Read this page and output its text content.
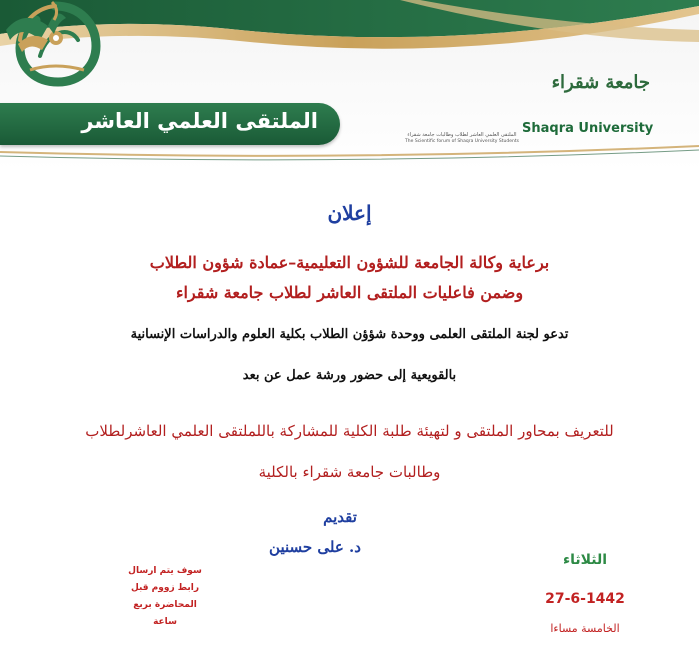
الملتقى العلمي العاشر
الملتقى العلمي العاشر لطلاب وطالبات جامعة شقراء
The Scientific forum of Shaqra University Students
جامعة شقراء
Shaqra University
إعلان
برعاية وكالة الجامعة للشؤون التعليمية–عمادة شؤون الطلاب
وضمن فاعليات الملتقى العاشر لطلاب جامعة شقراء
تدعو لجنة الملتقى العلمى ووحدة شؤؤن الطلاب بكلية العلوم والدراسات الإنسانية
بالقويعية إلى حضور ورشة عمل عن بعد
للتعريف بمحاور الملتقى و لتهيئة طلبة الكلية للمشاركة باللملتقى العلمي العاشرلطلاب
وطالبات جامعة شقراء بالكلية
تقديم
د. على حسنين
الثلاثاء
27-6-1442
الخامسة مساءا
سوف يتم ارسال
رابط زووم قبل
المحاضرة بربع
ساعة
